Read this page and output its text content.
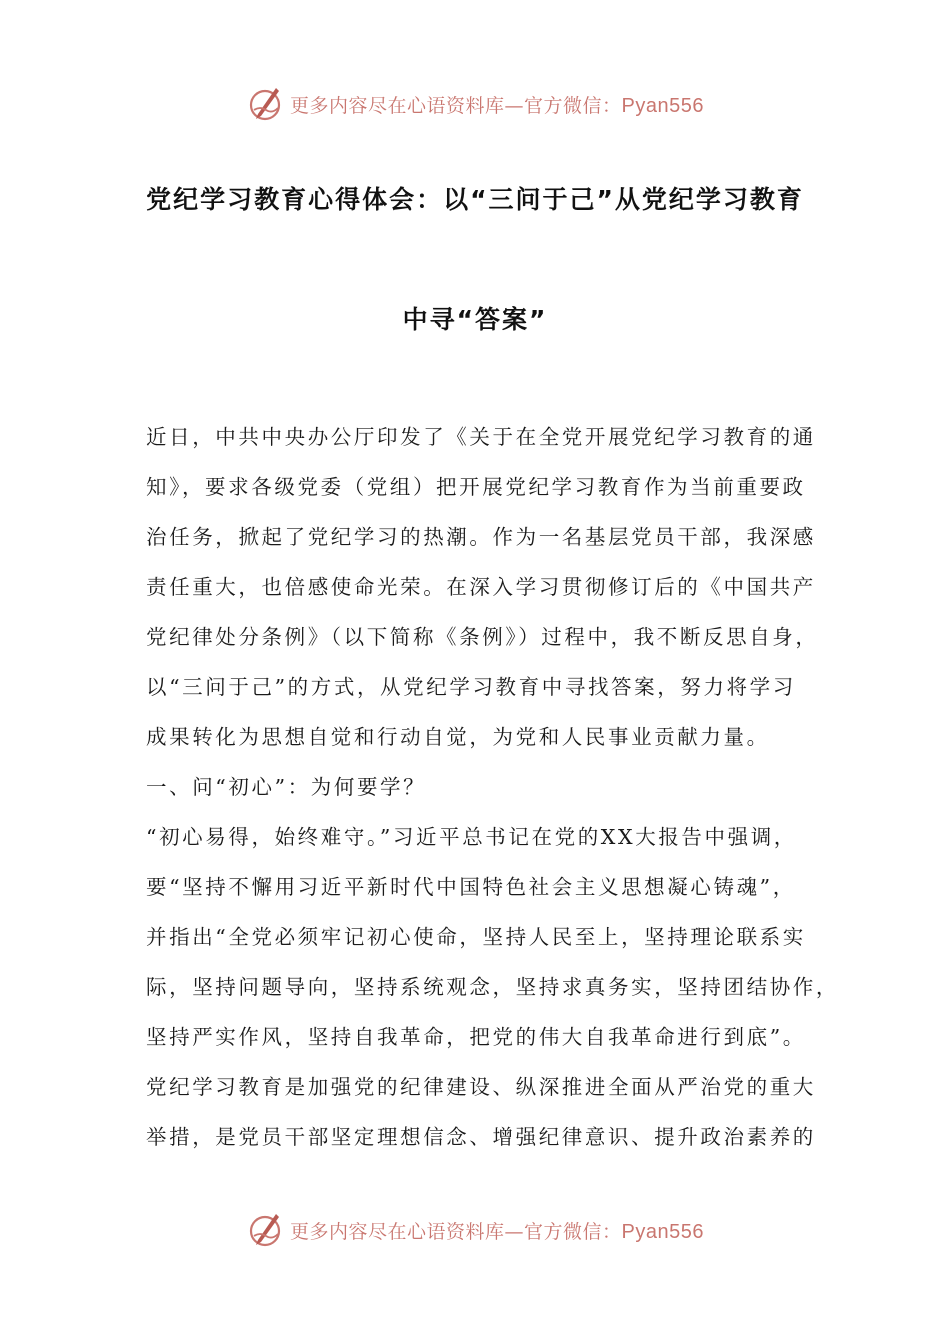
更多内容尽在心语资料库—官方微信：Pyan556
党纪学习教育心得体会：以“三问于己”从党纪学习教育
中寻“答案”
近日，中共中央办公厅印发了《关于在全党开展党纪学习教育的通
知》，要求各级党委（党组）把开展党纪学习教育作为当前重要政
治任务，掀起了党纪学习的热潮。作为一名基层党员干部，我深感
责任重大，也倍感使命光荣。在深入学习贯彻修订后的《中国共产
党纪律处分条例》（以下简称《条例》）过程中，我不断反思自身，
以“三问于己”的方式，从党纪学习教育中寻找答案，努力将学习
成果转化为思想自觉和行动自觉，为党和人民事业贡献力量。
一、问“初心”：为何要学？
“初心易得，始终难守。”习近平总书记在党的XX大报告中强调，
要“坚持不懈用习近平新时代中国特色社会主义思想凝心铸魂”，
并指出“全党必须牢记初心使命，坚持人民至上，坚持理论联系实
际，坚持问题导向，坚持系统观念，坚持求真务实，坚持团结协作，
坚持严实作风，坚持自我革命，把党的伟大自我革命进行到底”。
党纪学习教育是加强党的纪律建设、纵深推进全面从严治党的重大
举措，是党员干部坚定理想信念、增强纪律意识、提升政治素养的
更多内容尽在心语资料库—官方微信：Pyan556
